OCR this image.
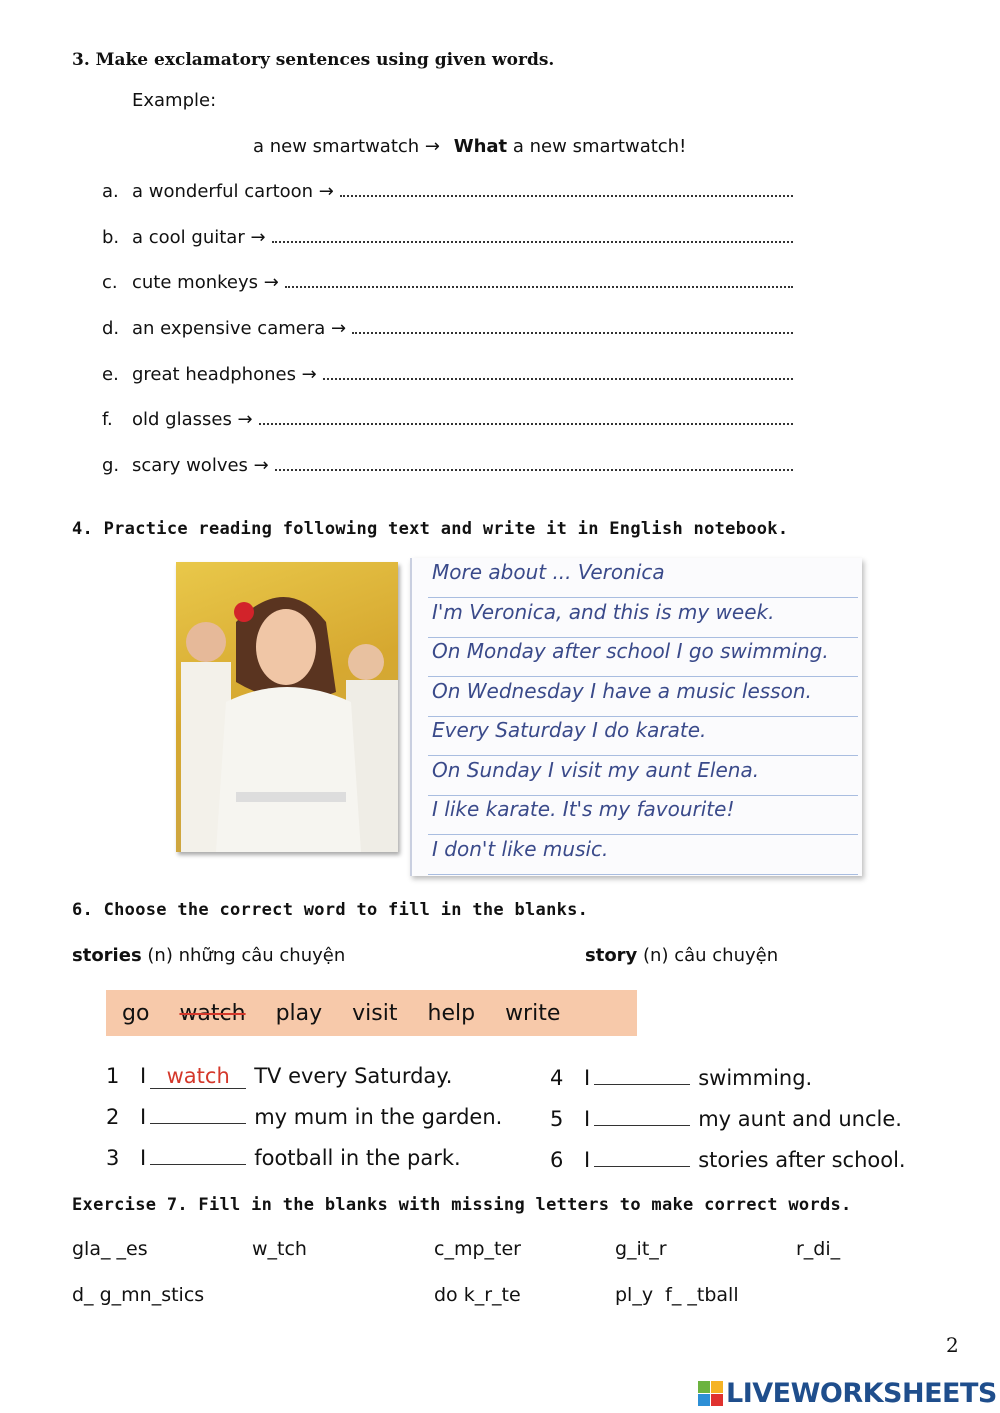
3. Make exclamatory sentences using given words.
Example:
a new smartwatch → What a new smartwatch!
a. a wonderful cartoon →
b. a cool guitar →
c. cute monkeys →
d. an expensive camera →
e. great headphones →
f.	old glasses →
g. scary wolves →
4. Practice reading following text and write it in English notebook.
More about ... Veronica
I'm Veronica, and this is my week.
On Monday after school I go swimming.
On Wednesday I have a music lesson.
Every Saturday I do karate.
On Sunday I visit my aunt Elena.
I like karate. It's my favourite!
I don't like music.
6. Choose the correct word to fill in the blanks.
stories (n) những câu chuyện	story (n) câu chuyện
go watch play visit help write
1 I watch	TV every Saturday.
2 I	my mum in the garden.
3 I	football in the park.
4 I	swimming.
5 I	my aunt and uncle.
6 I	stories after school.
Exercise 7. Fill in the blanks with missing letters to make correct words.
gla_ _es	w_tch	c_mp_ter	g_it_r	r_di_
d_ g_mn_stics	do k_r_te	pl_y  f_ _tball
2
LIVEWORKSHEETS
